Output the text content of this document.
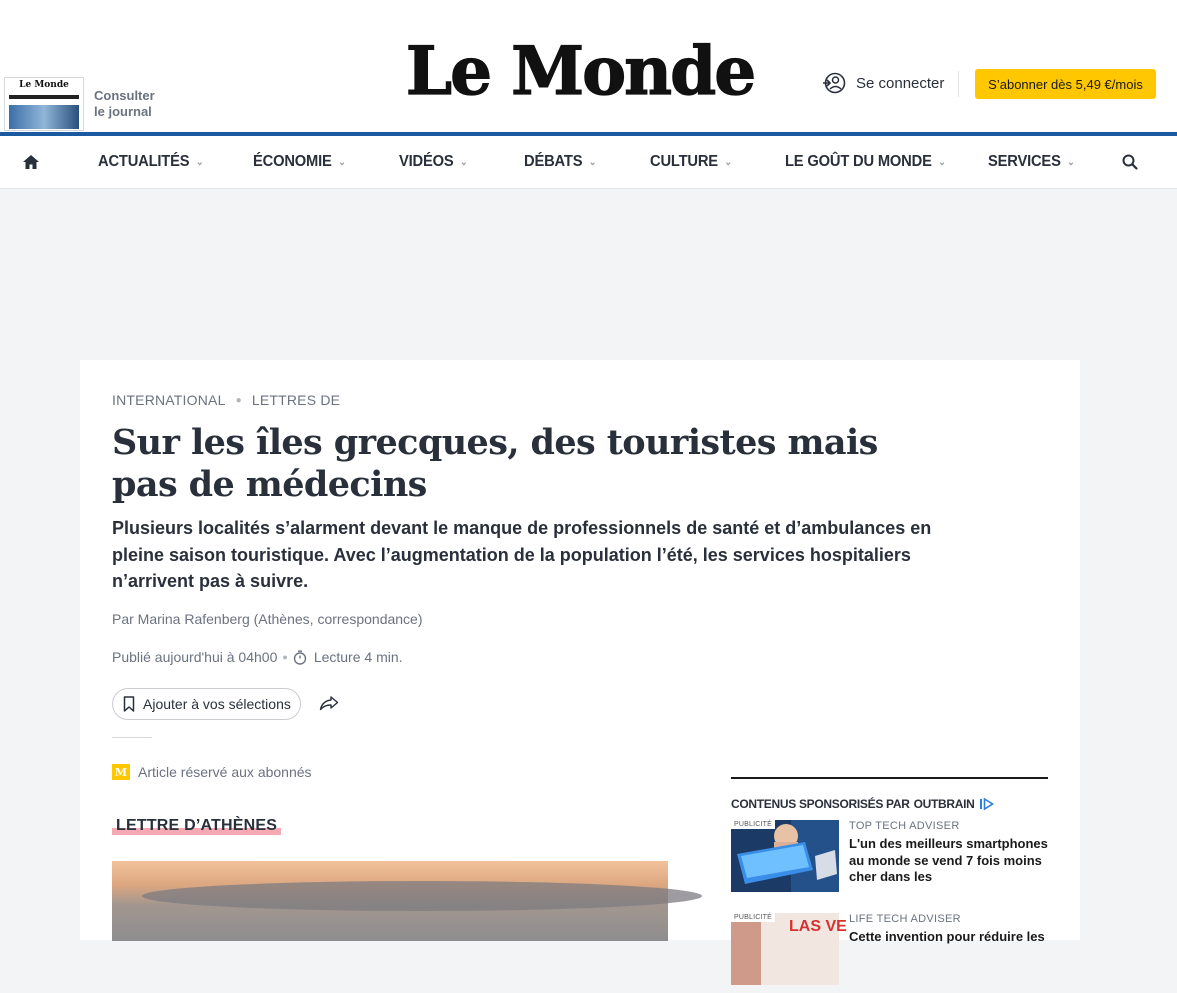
Le Monde
Consulter
le journal
Le Monde	Se connecter	S’abonner dès 5,49 €/mois
ACTUALITÉS ⌄	ÉCONOMIE ⌄	VIDÉOS ⌄	DÉBATS ⌄	CULTURE ⌄	LE GOÛT DU MONDE ⌄	SERVICES ⌄
INTERNATIONAL ● LETTRES DE
Sur les îles grecques, des touristes mais pas de médecins

Plusieurs localités s’alarment devant le manque de professionnels de santé et d’ambulances en pleine saison touristique. Avec l’augmentation de la population l’été, les services hospitaliers n’arrivent pas à suivre.

Par Marina Rafenberg (Athènes, correspondance)
Publié aujourd'hui à 04h00 ● Lecture 4 min.
Ajouter à vos sélections
M Article réservé aux abonnés
LETTRE D’ATHÈNES
CONTENUS SPONSORISÉS PAR OUTBRAIN
PUBLICITÉ	TOP TECH ADVISER
L'un des meilleurs smartphones au monde se vend 7 fois moins cher dans les
LAS VE
PUBLICITÉ	LIFE TECH ADVISER
Cette invention pour réduire les
